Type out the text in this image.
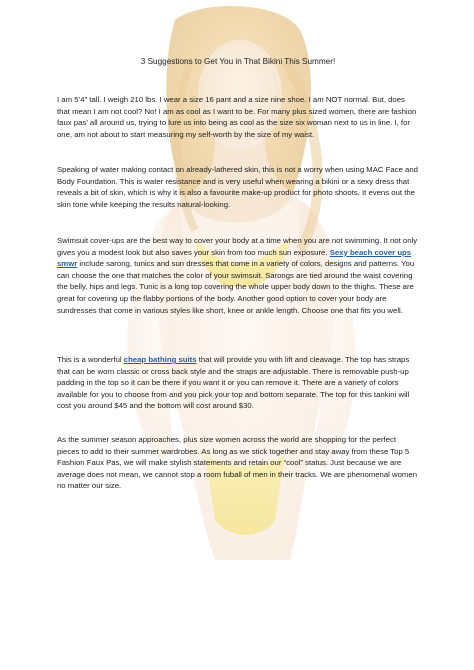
3 Suggestions to Get You in That Bikini This Summer!

I am 5’4” tall. I weigh 210 lbs. I wear a size 16 pant and a size nine shoe. I am NOT normal. But, does that mean I am not cool? No! I am as cool as I want to be. For many plus sized women, there are fashion faux pas’ all around us, trying to lure us into being as cool as the size six woman next to us in line. I, for one, am not about to start measuring my self-worth by the size of my waist.

Speaking of water making contact on already-lathered skin, this is not a worry when using MAC Face and Body Foundation. This is water resistance and is very useful when wearing a bikini or a sexy dress that reveals a bit of skin, which is why it is also a favourite make-up product for photo shoots. It evens out the skin tone while keeping the results natural-looking.

Swimsuit cover-ups are the best way to cover your body at a time when you are not swimming. It not only gives you a modest look but also saves your skin from too much sun exposure. Sexy beach cover ups smwr include sarong, tunics and sun dresses that come in a variety of colors, designs and patterns. You can choose the one that matches the color of your swimsuit. Sarongs are tied around the waist covering the belly, hips and legs. Tunic is a long top covering the whole upper body down to the thighs. These are great for covering up the flabby portions of the body. Another good option to cover your body are sundresses that come in various styles like short, knee or ankle length. Choose one that fits you well.

This is a wonderful cheap bathing suits that will provide you with lift and cleavage. The top has straps that can be worn classic or cross back style and the straps are adjustable. There is removable push-up padding in the top so it can be there if you want it or you can remove it. There are a variety of colors available for you to choose from and you pick your top and bottom separate. The top for this tankini will cost you around $45 and the bottom will cost around $30.

As the summer season approaches, plus size women across the world are shopping for the perfect pieces to add to their summer wardrobes. As long as we stick together and stay away from these Top 5 Fashion Faux Pas, we will make stylish statements and retain our “cool” status. Just because we are average does not mean, we cannot stop a room fuball of men in their tracks. We are phenomenal women no matter our size.
